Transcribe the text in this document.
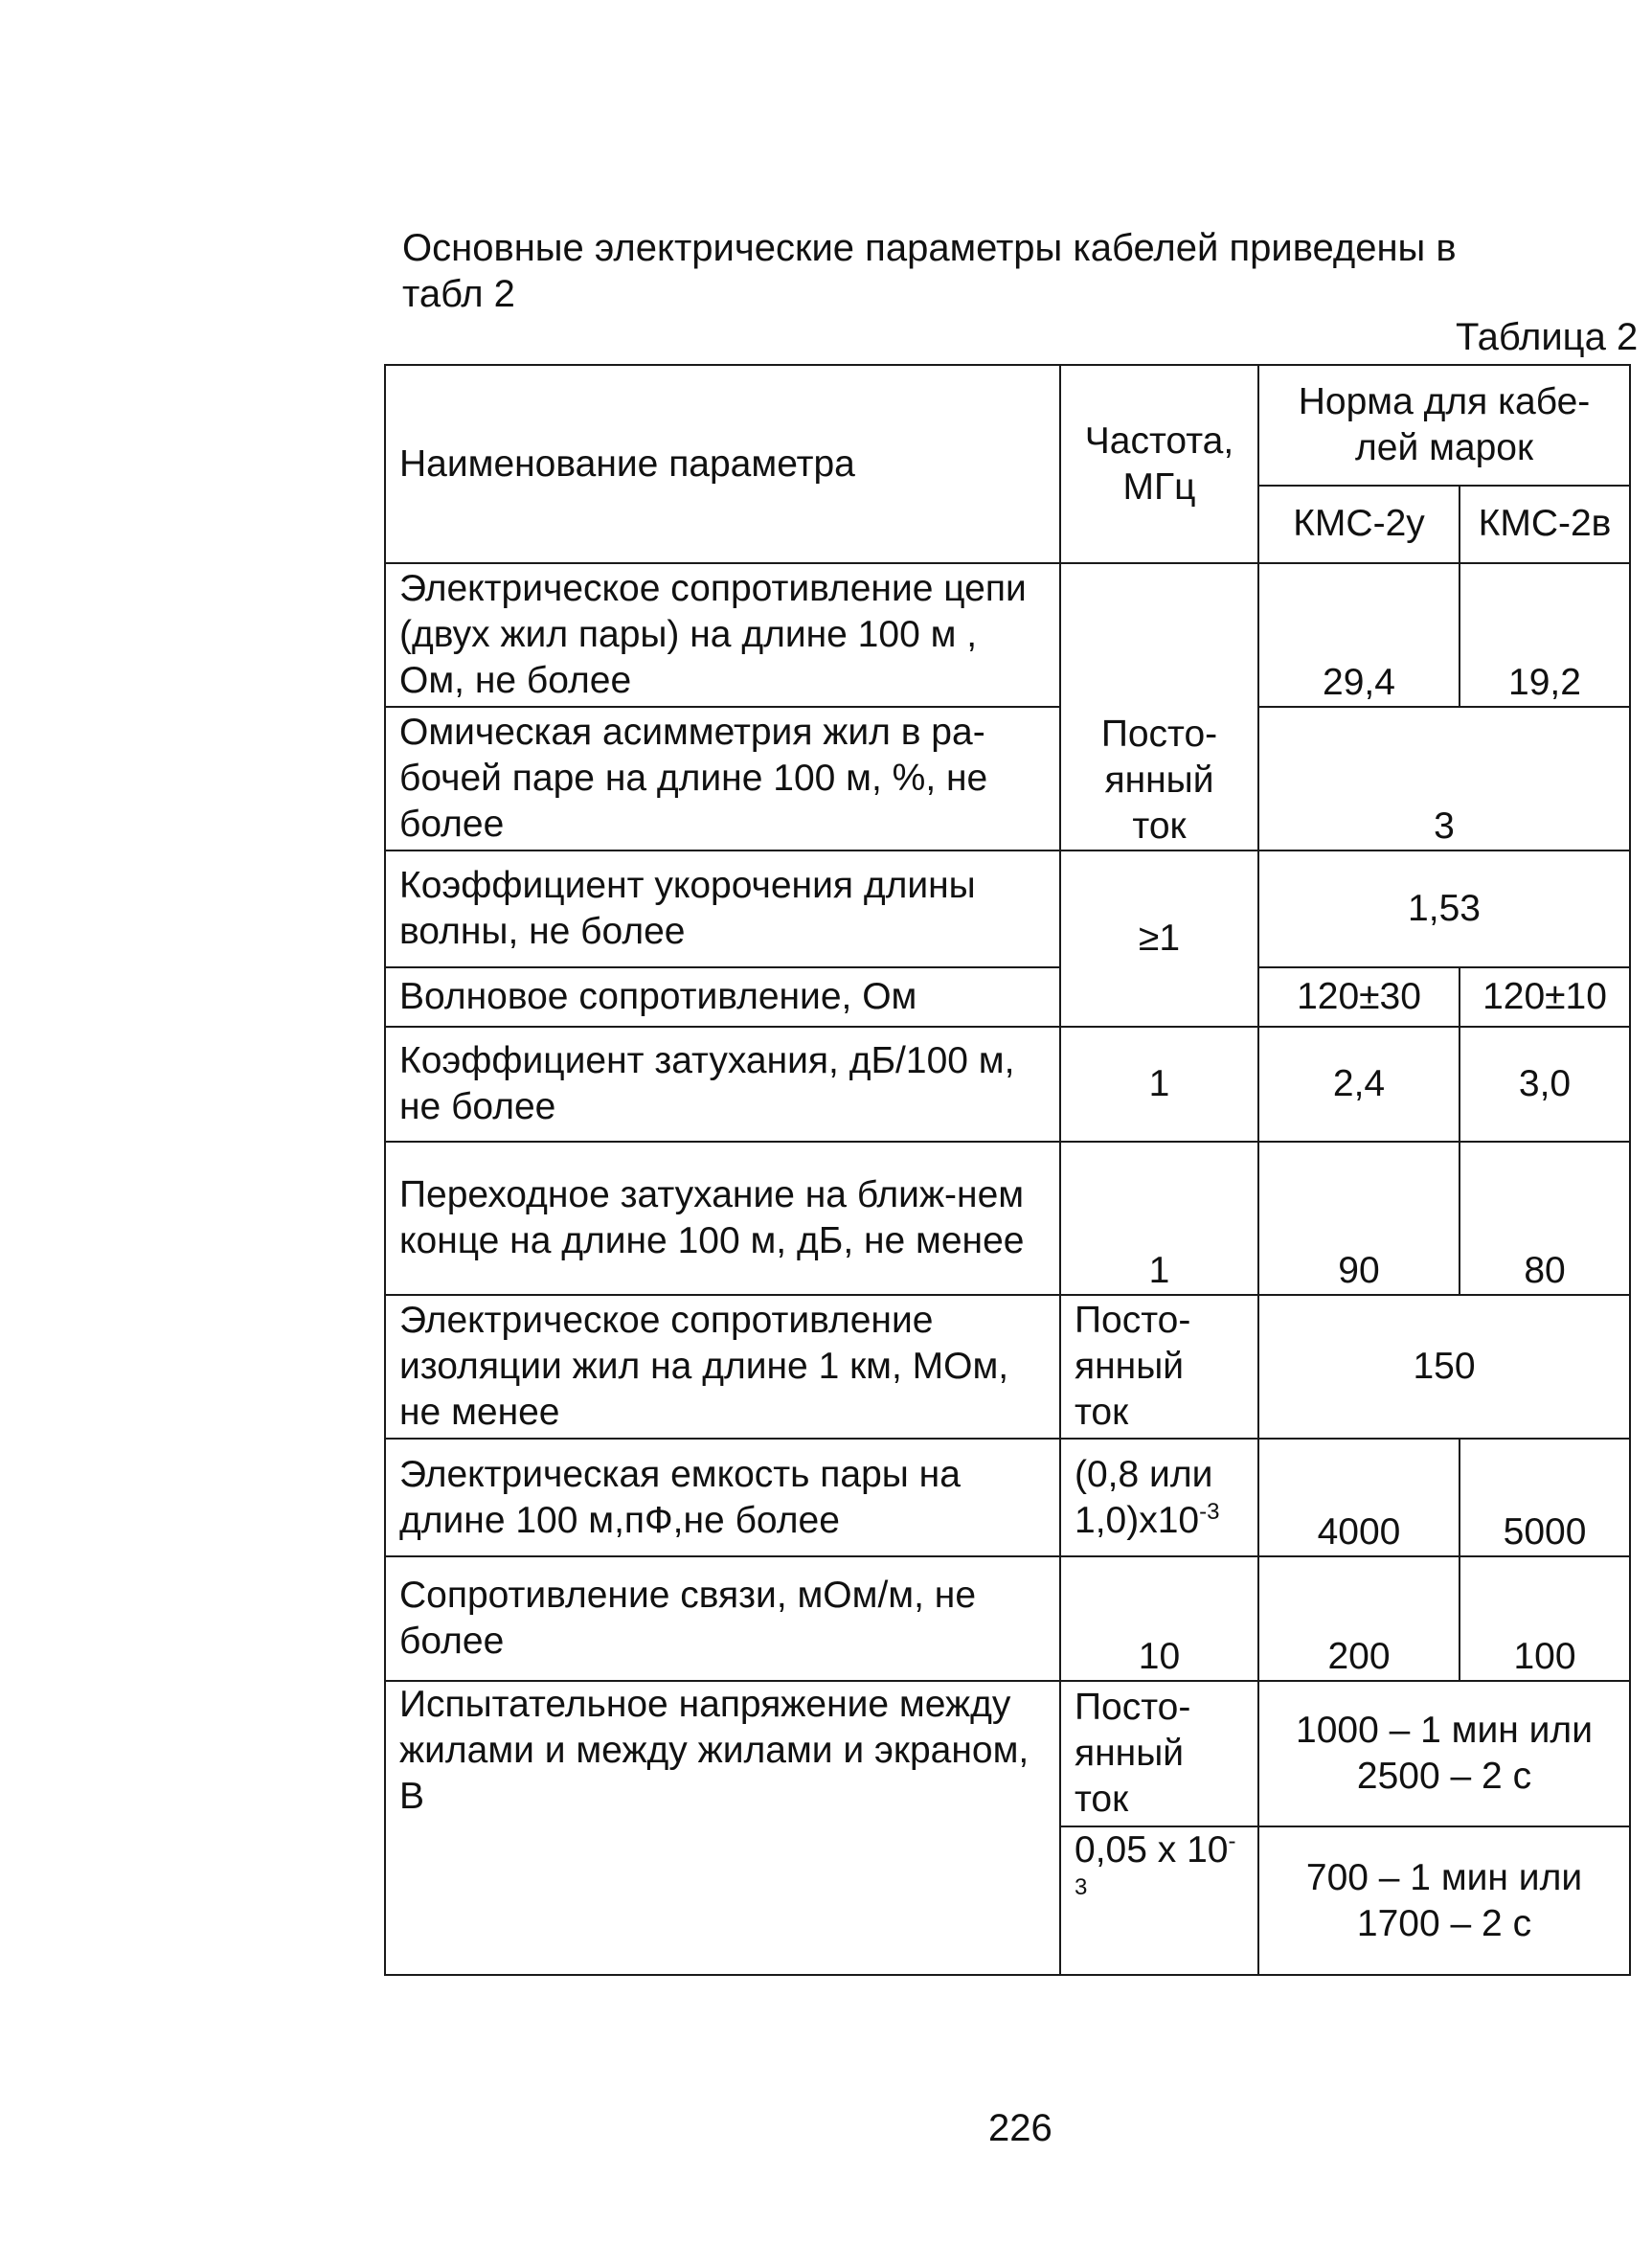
Основные электрические параметры кабелей приведены в
табл 2
Таблица 2
Наименование параметра	Частота, МГц	Норма для кабе-лей марок	
		КМС-2у	КМС-2в
Электрическое сопротивление цепи (двух жил пары) на длине 100 м , Ом, не более	Посто-янный ток	29,4	19,2
Омическая асимметрия жил в ра-бочей паре на длине 100 м, %, не более		3	
Коэффициент укорочения длины волны, не более	≥1	1,53	
Волновое сопротивление, Ом		120±30	120±10
Коэффициент затухания, дБ/100 м, не более	1	2,4	3,0
Переходное затухание на ближ-нем конце на длине 100 м, дБ, не менее	1	90	80
Электрическое сопротивление изоляции жил на длине 1 км, МОм, не менее	Посто-янный ток	150	
Электрическая емкость пары на длине 100 м,пФ,не более	(0,8 или $1,0)х10^{-3}$	4000	5000
Сопротивление связи, мОм/м, не более	10	200	100
Испытательное напряжение между жилами и между жилами и экраном, В	Посто-янный ток	1000 – 1 мин или 2500 – 2 с	
	0,05 х $10^{-3}$	700 – 1 мин или 1700 – 2 с	
226
